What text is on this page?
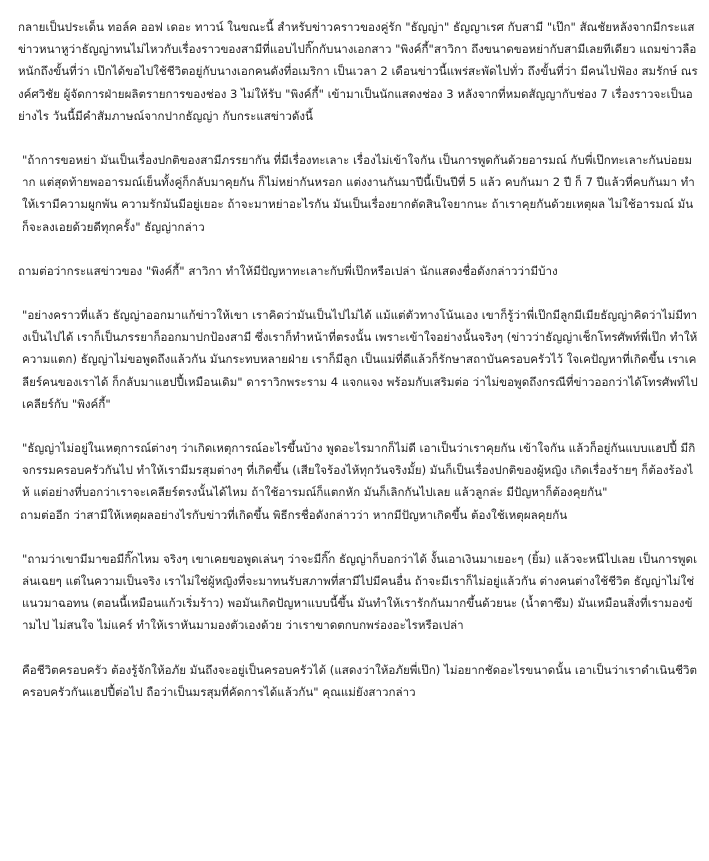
กลายเป็นประเด็น ทอล์ค ออฟ เดอะ ทาวน์ ในขณะนี้ สำหรับข่าวคราวของคู่รัก "ธัญญ่า" ธัญญาเรศ กับสามี "เป๊ก" สัณชัยหลังจากมีกระแสข่าวหนาหูว่าธัญญ่าทนไม่ไหวกับเรื่องราวของสามีที่แอบไปกิ๊กกับนางเอกสาว "พิงค์กี้"สาวิกา ถึงขนาดขอหย่ากับสามีเลยทีเดียว แถมข่าวลือหนักถึงขั้นที่ว่า เป๊กได้ขอไปใช้ชีวิตอยู่กับนางเอกคนดังที่อเมริกา เป็นเวลา 2 เดือนข่าวนี้แพร่สะพัดไปทั่ว ถึงขั้นที่ว่า มีคนไปฟ้อง สมรักษ์ ณรงค์ศวิชัย ผู้จัดการฝ่ายผลิตรายการของช่อง 3 ไม่ให้รับ "พิงค์กี้" เข้ามาเป็นนักแสดงช่อง 3 หลังจากที่หมดสัญญากับช่อง 7 เรื่องราวจะเป็นอย่างไร วันนี้มีคำสัมภาษณ์จากปากธัญญ่า กับกระแสข่าวดังนี้

"ถ้าการขอหย่า มันเป็นเรื่องปกติของสามีภรรยากัน ที่มีเรื่องทะเลาะ เรื่องไม่เข้าใจกัน เป็นการพูดกันด้วยอารมณ์ กับพี่เป๊กทะเลาะกันบ่อยมาก แต่สุดท้ายพออารมณ์เย็นทั้งคู่ก็กลับมาคุยกัน ก็ไม่หย่ากันหรอก แต่งงานกันมาปีนี้เป็นปีที่ 5 แล้ว คบกันมา 2 ปี ก็ 7 ปีแล้วที่คบกันมา ทำให้เรามีความผูกพัน ความรักมันมีอยู่เยอะ ถ้าจะมาหย่าอะไรกัน มันเป็นเรื่องยากตัดสินใจยากนะ ถ้าเราคุยกันด้วยเหตุผล ไม่ใช้อารมณ์ มันก็จะลงเอยด้วยดีทุกครั้ง" ธัญญ่ากล่าว

ถามต่อว่ากระแสข่าวของ "พิงค์กี้" สาวิกา ทำให้มีปัญหาทะเลาะกับพี่เป๊กหรือเปล่า นักแสดงชื่อดังกล่าวว่ามีบ้าง

"อย่างคราวที่แล้ว ธัญญ่าออกมาแก้ข่าวให้เขา เราคิดว่ามันเป็นไปไม่ได้ แม้แต่ตัวทางโน้นเอง เขาก็รู้ว่าพี่เป๊กมีลูกมีเมียธัญญ่าคิดว่าไม่มีทางเป็นไปได้ เราก็เป็นภรรยาก็ออกมาปกป้องสามี ซึ่งเราก็ทำหน้าที่ตรงนั้น เพราะเข้าใจอย่างนั้นจริงๆ (ข่าวว่าธัญญ่าเช็กโทรศัพท์พี่เป๊ก ทำให้ความแตก) ธัญญ่าไม่ขอพูดถึงแล้วกัน มันกระทบหลายฝ่าย เราก็มีลูก เป็นแม่ที่ดีแล้วก็รักษาสถาบันครอบครัวไว้ ใจเคปัญหาที่เกิดขึ้น เราเคลียร์คนของเราได้ ก็กลับมาแฮปปี้เหมือนเดิม" ดาราวิกพระราม 4 แจกแจง พร้อมกับเสริมต่อ ว่าไม่ขอพูดถึงกรณีที่ข่าวออกว่าได้โทรศัพท์ไปเคลียร์กับ "พิงค์กี้"

"ธัญญ่าไม่อยู่ในเหตุการณ์ต่างๆ ว่าเกิดเหตุการณ์อะไรขึ้นบ้าง พูดอะไรมากก็ไม่ดี เอาเป็นว่าเราคุยกัน เข้าใจกัน แล้วก็อยู่กันแบบแฮปปี้ มีกิจกรรมครอบครัวกันไป ทำให้เรามีมรสุมต่างๆ ที่เกิดขึ้น (เสียใจร้องไห้ทุกวันจริงมั้ย) มันก็เป็นเรื่องปกติของผู้หญิง เกิดเรื่องร้ายๆ ก็ต้องร้องไห้ แต่อย่างที่บอกว่าเราจะเคลียร์ตรงนั้นได้ไหม ถ้าใช้อารมณ์ก็แตกหัก มันก็เลิกกันไปเลย แล้วลูกล่ะ มีปัญหาก็ต้องคุยกัน"

ถามต่ออีก ว่าสามีให้เหตุผลอย่างไรกับข่าวที่เกิดขึ้น พิธีกรชื่อดังกล่าวว่า หากมีปัญหาเกิดขึ้น ต้องใช้เหตุผลคุยกัน

"ถามว่าเขามีมาขอมีกิ๊กไหม จริงๆ เขาเคยขอพูดเล่นๆ ว่าจะมีกิ๊ก ธัญญ่าก็บอกว่าได้ งั้นเอาเงินมาเยอะๆ (ยิ้ม) แล้วจะหนีไปเลย เป็นการพูดเล่นเฉยๆ แต่ในความเป็นจริง เราไม่ใช่ผู้หญิงที่จะมาทนรับสภาพที่สามีไปมีคนอื่น ถ้าจะมีเราก็ไม่อยู่แล้วกัน ต่างคนต่างใช้ชีวิต ธัญญ่าไม่ใช่แนวมาฉอทน (ตอนนี้เหมือนแก้วเริ่มร้าว) พอมันเกิดปัญหาแบบนี้ขึ้น มันทำให้เรารักกันมากขึ้นด้วยนะ (น้ำตาซึม) มันเหมือนสิ่งที่เรามองข้ามไป ไม่สนใจ ไม่แคร์ ทำให้เราหันมามองตัวเองด้วย ว่าเราขาดตกบกพร่องอะไรหรือเปล่า

คือชีวิตครอบครัว ต้องรู้จักให้อภัย มันถึงจะอยู่เป็นครอบครัวได้ (แสดงว่าให้อภัยพี่เป๊ก) ไม่อยากชัดอะไรขนาดนั้น เอาเป็นว่าเราดำเนินชีวิตครอบครัวกันแฮปปี้ต่อไป ถือว่าเป็นมรสุมที่คัดการได้แล้วกัน" คุณแม่ยังสาวกล่าว
